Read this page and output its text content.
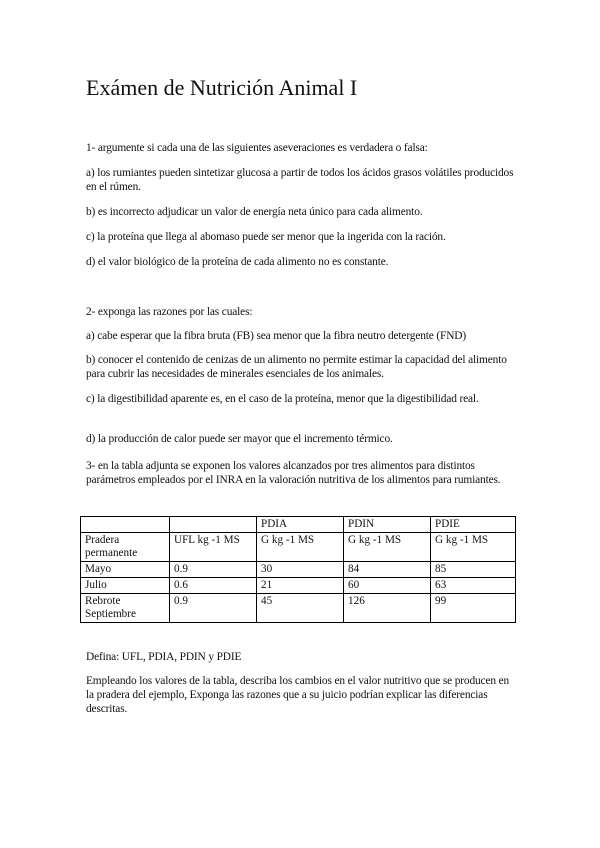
Exámen de Nutrición Animal I
1- argumente si cada una de las siguientes aseveraciones es verdadera o falsa:
a) los rumiantes pueden sintetizar glucosa a partir de todos los ácidos grasos volátiles producidos en el rúmen.
b) es incorrecto adjudicar un valor de energía neta único para cada alimento.
c) la proteína que llega al abomaso puede ser menor que la ingerida con la ración.
d) el valor biológico de la proteína de cada alimento no es constante.
2- exponga las razones por las cuales:
a) cabe esperar que la fibra bruta (FB) sea menor que la fibra neutro detergente (FND)
b) conocer el contenido de cenizas de un alimento no permite estimar la capacidad del alimento para cubrir las necesidades de minerales esenciales de los animales.
c) la digestibilidad aparente es, en el caso de la proteína, menor que la digestibilidad real.
d) la producción de calor puede ser mayor que el incremento térmico.
3- en la tabla adjunta se exponen los valores alcanzados por tres alimentos para distintos parámetros empleados por el INRA en la valoración nutritiva de los alimentos para rumiantes.
		PDIA	PDIN	PDIE
Pradera permanente	UFL kg -1 MS	G kg -1 MS	G kg -1 MS	G kg -1 MS
Mayo	0.9	30	84	85
Julio	0.6	21	60	63
Rebrote Septiembre	0.9	45	126	99
Defina: UFL, PDIA, PDIN y PDIE
Empleando los valores de la tabla, describa los cambios en el valor nutritivo que se producen en la pradera del ejemplo, Exponga las razones que a su juicio podrían explicar las diferencias descritas.
